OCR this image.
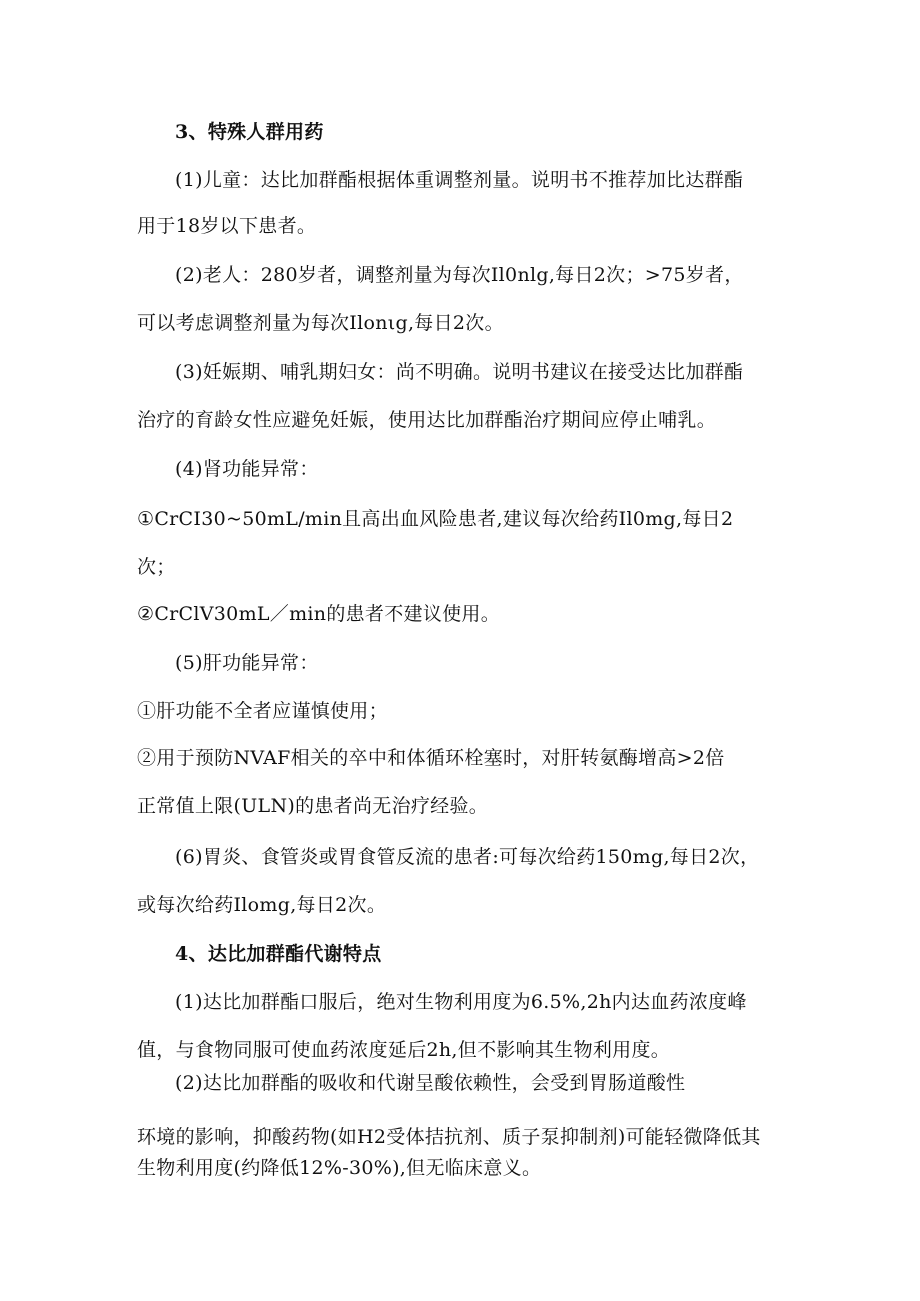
3、特殊人群用药
(1)儿童：达比加群酯根据体重调整剂量。说明书不推荐加比达群酯
用于18岁以下患者。
(2)老人：280岁者，调整剂量为每次Il0nlg,每日2次；>75岁者，
可以考虑调整剂量为每次Ilonιg,每日2次。
(3)妊娠期、哺乳期妇女：尚不明确。说明书建议在接受达比加群酯
治疗的育龄女性应避免妊娠，使用达比加群酯治疗期间应停止哺乳。
(4)肾功能异常：
①CrCI30~50mL/min且高出血风险患者,建议每次给药Il0mg,每日2
次；
②CrClV30mL／min的患者不建议使用。
(5)肝功能异常：
①肝功能不全者应谨慎使用；
②用于预防NVAF相关的卒中和体循环栓塞时，对肝转氨酶增高>2倍
正常值上限(ULN)的患者尚无治疗经验。
(6)胃炎、食管炎或胃食管反流的患者:可每次给药150mg,每日2次，
或每次给药Ilomg,每日2次。
4、达比加群酯代谢特点
(1)达比加群酯口服后，绝对生物利用度为6.5%,2h内达血药浓度峰
值，与食物同服可使血药浓度延后2h,但不影响其生物利用度。
(2)达比加群酯的吸收和代谢呈酸依赖性，会受到胃肠道酸性
环境的影响，抑酸药物(如H2受体拮抗剂、质子泵抑制剂)可能轻微降低其
生物利用度(约降低12%-30%),但无临床意义。
